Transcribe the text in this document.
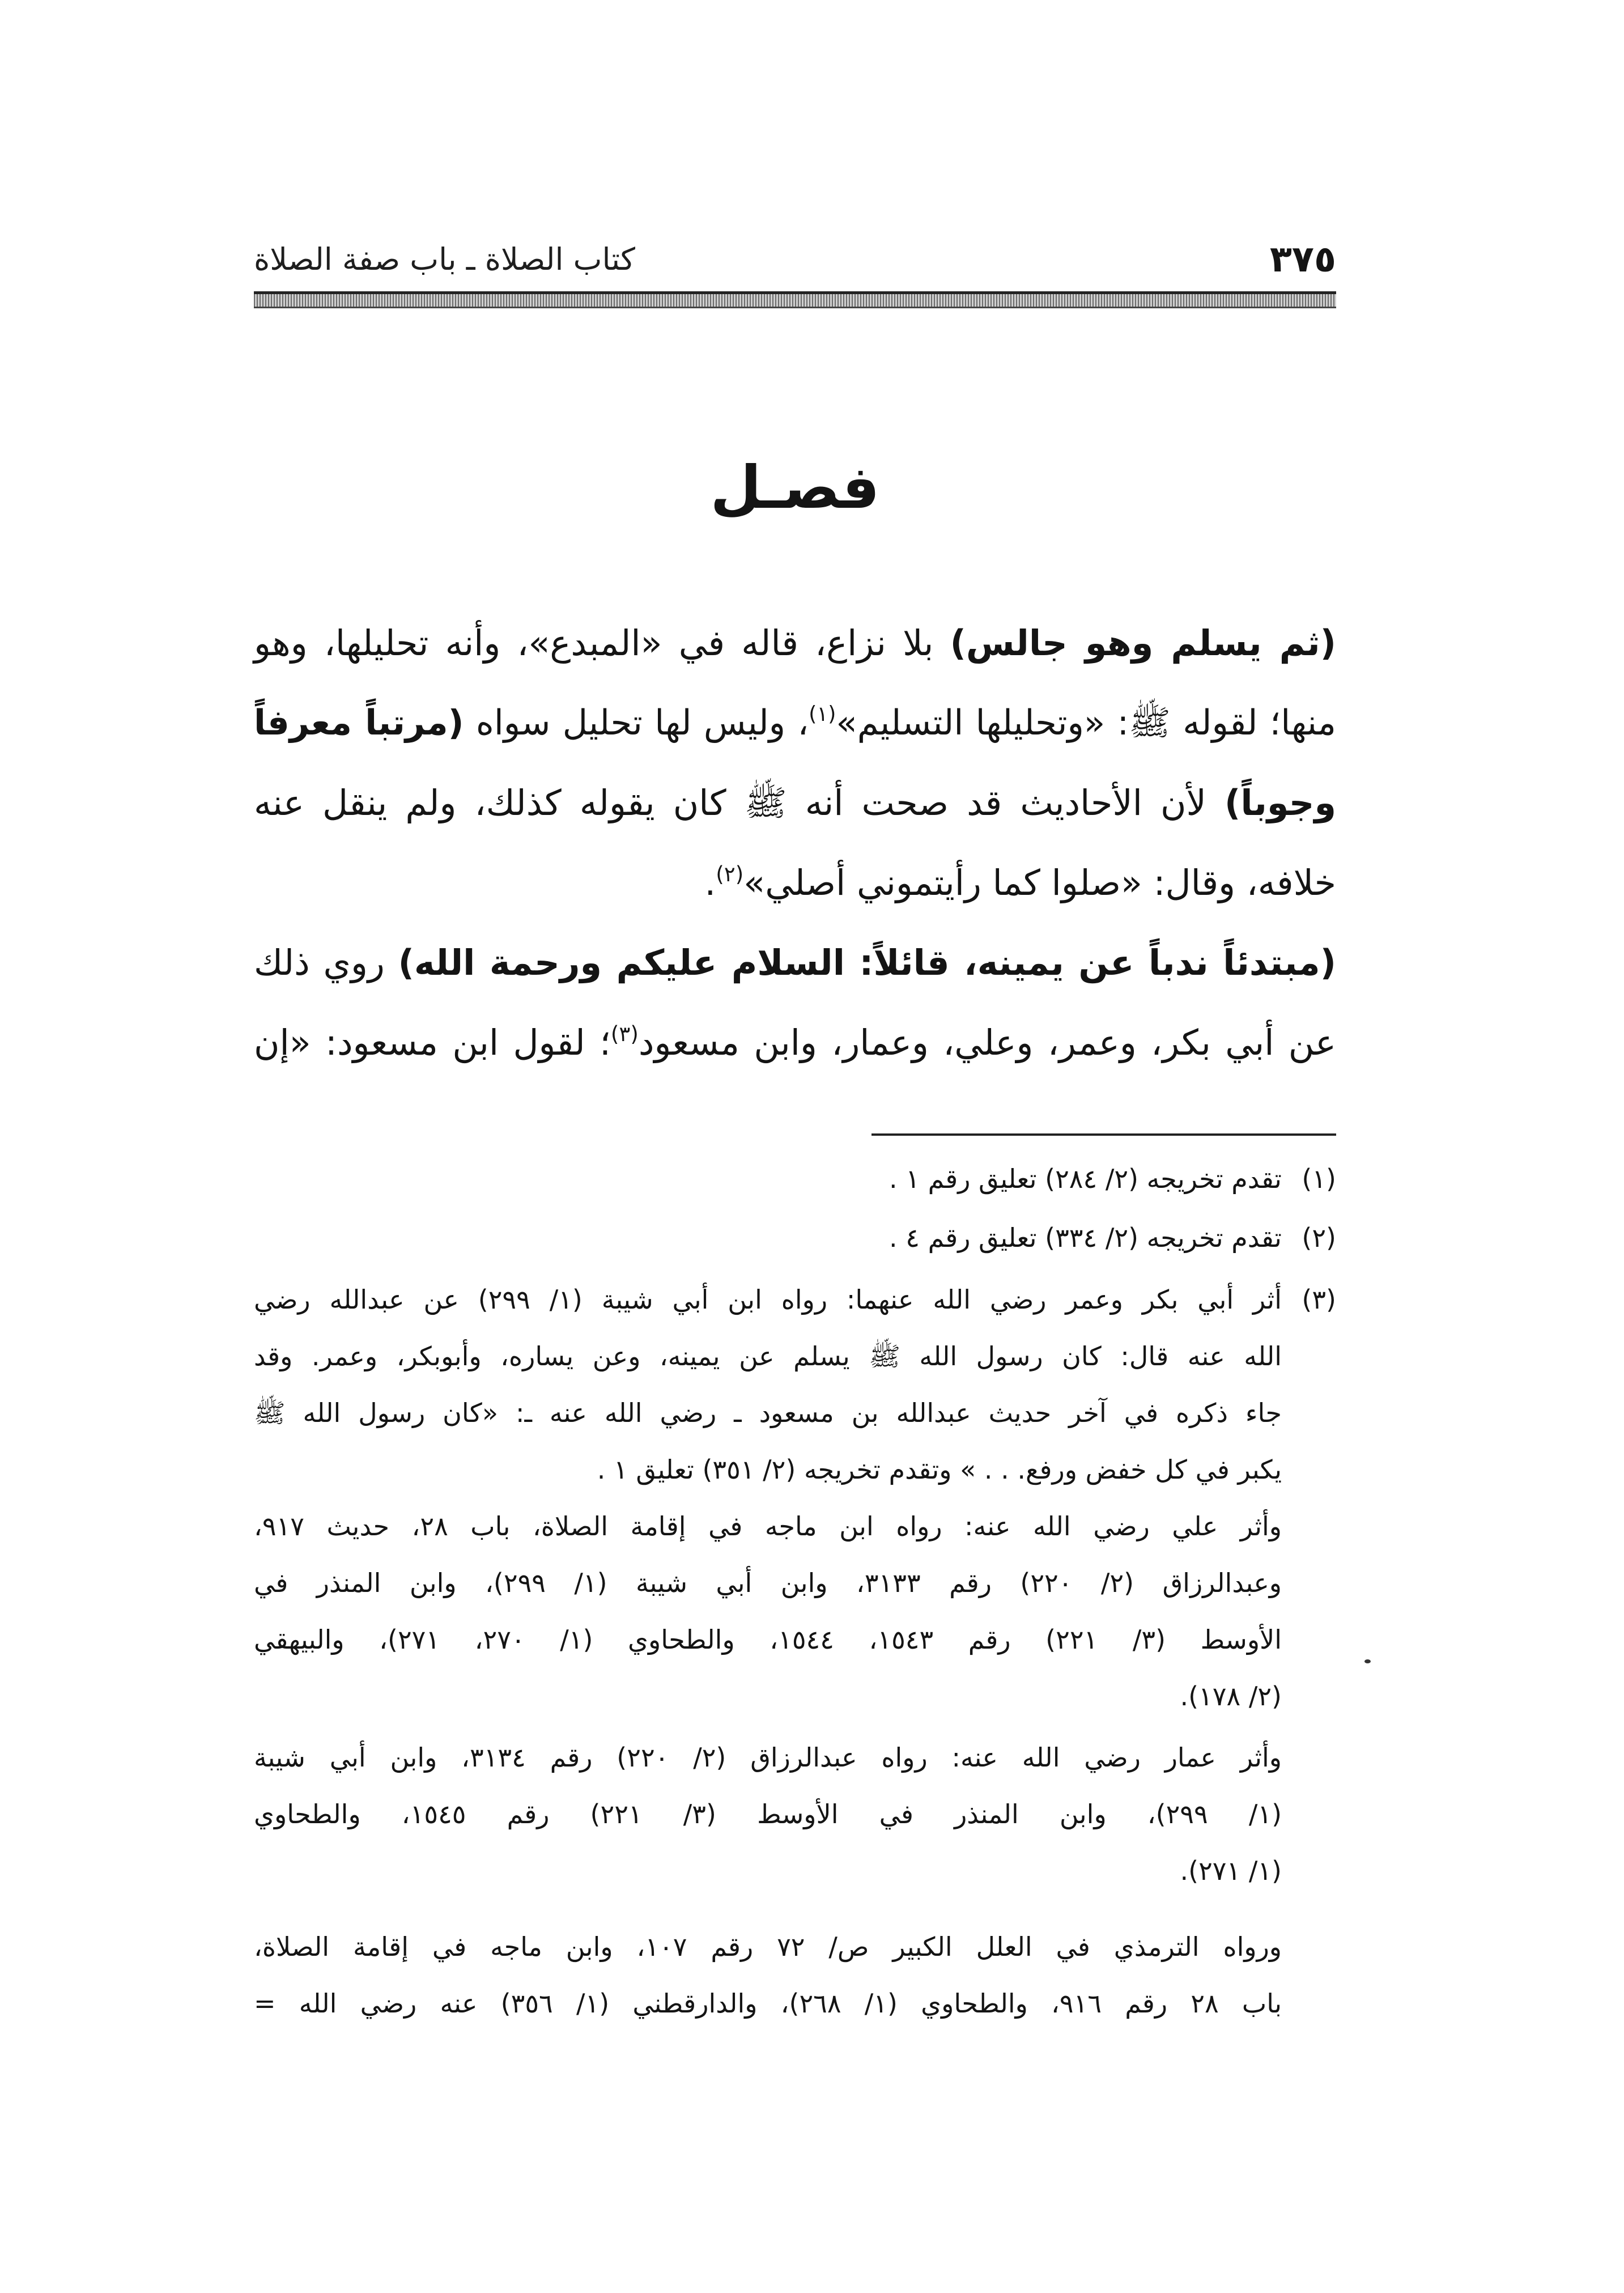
٣٧٥
كتاب الصلاة ـ باب صفة الصلاة
فصـل
(ثم يسلم وهو جالس) بلا نزاع، قاله في «المبدع»، وأنه تحليلها، وهو
منها؛ لقوله ﷺ: «وتحليلها التسليم»$^{(١)}$، وليس لها تحليل سواه (مرتباً معرفاً
وجوباً) لأن الأحاديث قد صحت أنه ﷺ كان يقوله كذلك، ولم ينقل عنه
خلافه، وقال: «صلوا كما رأيتموني أصلي»$^{(٢)}$.
(مبتدئاً ندباً عن يمينه، قائلاً: السلام عليكم ورحمة الله) روي ذلك
عن أبي بكر، وعمر، وعلي، وعمار، وابن مسعود$^{(٣)}$؛ لقول ابن مسعود: «إن
(١)
تقدم تخريجه (٢/ ٢٨٤) تعليق رقم ١ .
(٢)
تقدم تخريجه (٢/ ٣٣٤) تعليق رقم ٤ .
(٣)
أثر أبي بكر وعمر رضي الله عنهما: رواه ابن أبي شيبة (١/ ٢٩٩) عن عبدالله رضي
الله عنه قال: كان رسول الله ﷺ يسلم عن يمينه، وعن يساره، وأبوبكر، وعمر. وقد
جاء ذكره في آخر حديث عبدالله بن مسعود ـ رضي الله عنه ـ: «كان رسول الله ﷺ
يكبر في كل خفض ورفع. . . » وتقدم تخريجه (٢/ ٣٥١) تعليق ١ .
وأثر علي رضي الله عنه: رواه ابن ماجه في إقامة الصلاة، باب ٢٨، حديث ٩١٧،
وعبدالرزاق (٢/ ٢٢٠) رقم ٣١٣٣، وابن أبي شيبة (١/ ٢٩٩)، وابن المنذر في
الأوسط (٣/ ٢٢١) رقم ١٥٤٣، ١٥٤٤، والطحاوي (١/ ٢٧٠، ٢٧١)، والبيهقي
(٢/ ١٧٨).
وأثر عمار رضي الله عنه: رواه عبدالرزاق (٢/ ٢٢٠) رقم ٣١٣٤، وابن أبي شيبة
(١/ ٢٩٩)، وابن المنذر في الأوسط (٣/ ٢٢١) رقم ١٥٤٥، والطحاوي
(١/ ٢٧١).
ورواه الترمذي في العلل الكبير ص/ ٧٢ رقم ١٠٧، وابن ماجه في إقامة الصلاة،
باب ٢٨ رقم ٩١٦، والطحاوي (١/ ٢٦٨)، والدارقطني (١/ ٣٥٦) عنه رضي الله =
